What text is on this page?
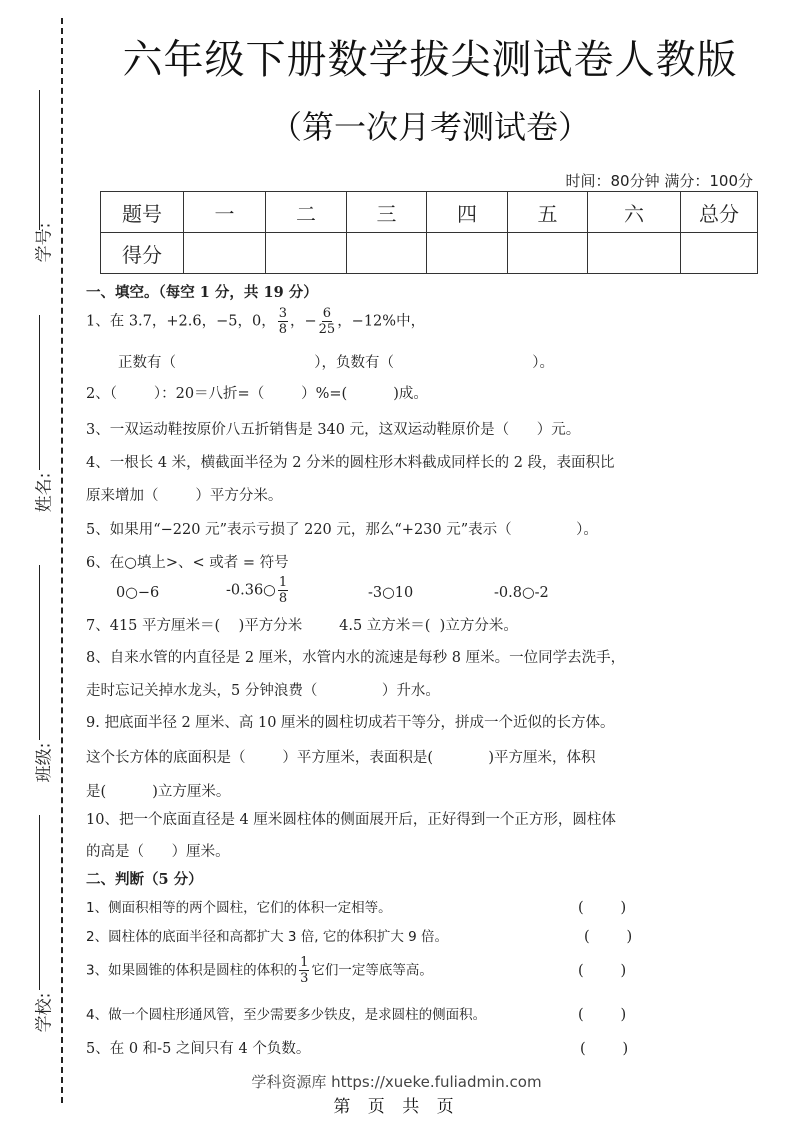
学号:
姓名:
班级:
学校:
六年级下册数学拔尖测试卷人教版
（第一次月考测试卷）
时间：80分钟 满分：100分
题号	一	二	三	四	五	六	总分
得分							
一、填空。（每空 1 分，共 19 分）
1、在 3.7，+2.6，−5，0， $\frac{3}{8}$ ，− $\frac{6}{25}$ ，−12%中，
正数有（                              ），负数有（                              ）。
2、（        ）：20＝八折=（        ）%=(          )成。
3、一双运动鞋按原价八五折销售是 340 元，这双运动鞋原价是（      ）元。
4、一根长 4 米，横截面半径为 2 分米的圆柱形木料截成同样长的 2 段，表面积比
原来增加（        ）平方分米。
5、如果用“−220 元”表示亏损了 220 元，那么“+230 元”表示（              ）。
6、在○填上>、< 或者 = 符号
0○−6	-0.36○ $\frac{1}{8}$	-3○10	-0.8○-2
7、415 平方厘米＝(    )平方分米        4.5 立方米＝(  )立方分米。
8、自来水管的内直径是 2 厘米，水管内水的流速是每秒 8 厘米。一位同学去洗手，
走时忘记关掉水龙头，5 分钟浪费（              ）升水。
9. 把底面半径 2 厘米、高 10 厘米的圆柱切成若干等分，拼成一个近似的长方体。
这个长方体的底面积是（        ）平方厘米，表面积是(            )平方厘米，体积
是(          )立方厘米。
10、把一个底面直径是 4 厘米圆柱体的侧面展开后，正好得到一个正方形，圆柱体
的高是（      ）厘米。
二、判断（5 分）
1、侧面积相等的两个圆柱，它们的体积一定相等。	(        )
2、圆柱体的底面半径和高都扩大 3 倍, 它的体积扩大 9 倍。	(        )
3、如果圆锥的体积是圆柱的体积的 $\frac{1}{3}$ 它们一定等底等高。	(        )
4、做一个圆柱形通风管，至少需要多少铁皮，是求圆柱的侧面积。	(        )
5、在 0 和-5 之间只有 4 个负数。	(        )
学科资源库 https://xueke.fuliadmin.com
第 页 共 页
